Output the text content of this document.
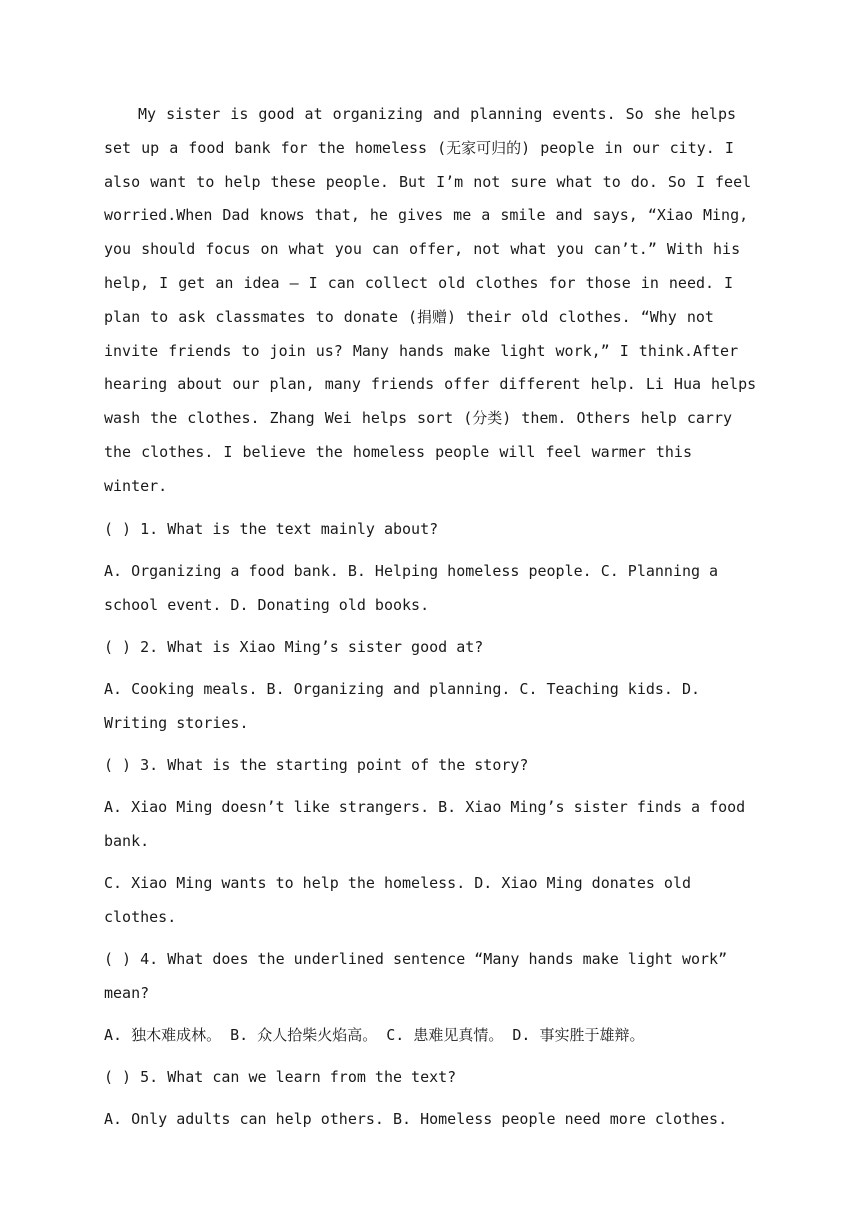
My sister is good at organizing and planning events. So she helps set up a food bank for the homeless (无家可归的) people in our city. I also want to help these people. But I’m not sure what to do. So I feel worried.When Dad knows that, he gives me a smile and says, “Xiao Ming, you should focus on what you can offer, not what you can’t.” With his help, I get an idea — I can collect old clothes for those in need. I plan to ask classmates to donate (捐赠) their old clothes. “Why not invite friends to join us? Many hands make light work,” I think.After hearing about our plan, many friends offer different help. Li Hua helps wash the clothes. Zhang Wei helps sort (分类) them. Others help carry the clothes. I believe the homeless people will feel warmer this winter.

( ) 1. What is the text mainly about?

A. Organizing a food bank. B. Helping homeless people. C. Planning a school event. D. Donating old books.

( ) 2. What is Xiao Ming’s sister good at?

A. Cooking meals. B. Organizing and planning. C. Teaching kids. D. Writing stories.

( ) 3. What is the starting point of the story?

A. Xiao Ming doesn’t like strangers. B. Xiao Ming’s sister finds a food bank.

C. Xiao Ming wants to help the homeless. D. Xiao Ming donates old clothes.

( ) 4. What does the underlined sentence “Many hands make light work” mean?

A. 独木难成林。 B. 众人拾柴火焰高。 C. 患难见真情。 D. 事实胜于雄辩。

( ) 5. What can we learn from the text?

A. Only adults can help others. B. Homeless people need more clothes.
